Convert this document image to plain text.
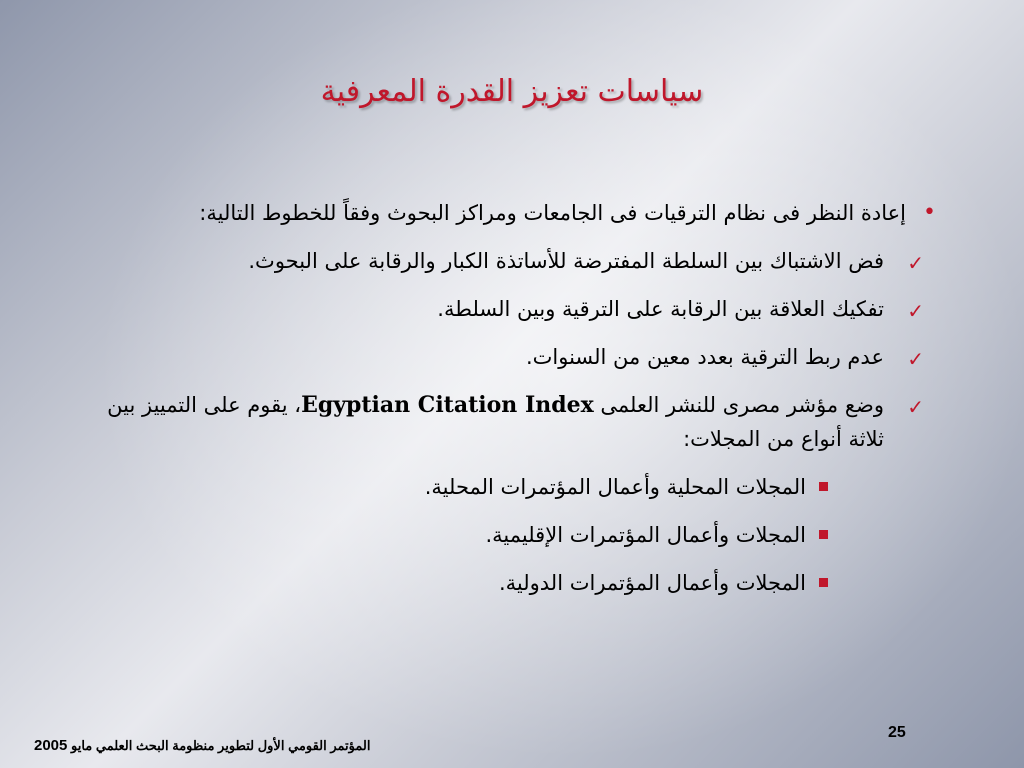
سياسات تعزيز القدرة المعرفية
•
إعادة النظر فى نظام الترقيات فى الجامعات ومراكز البحوث وفقاً للخطوط التالية:
✓
فض الاشتباك بين السلطة المفترضة للأساتذة الكبار والرقابة على البحوث.
✓
تفكيك العلاقة بين الرقابة على الترقية وبين السلطة.
✓
عدم ربط الترقية بعدد معين من السنوات.
✓
وضع مؤشر مصرى للنشر العلمى Egyptian Citation Index، يقوم على التمييز بين ثلاثة أنواع من المجلات:
المجلات المحلية وأعمال المؤتمرات المحلية.
المجلات وأعمال المؤتمرات الإقليمية.
المجلات وأعمال المؤتمرات الدولية.
المؤتمر القومي الأول لتطوير منظومة البحث العلمي مايو 2005
25
